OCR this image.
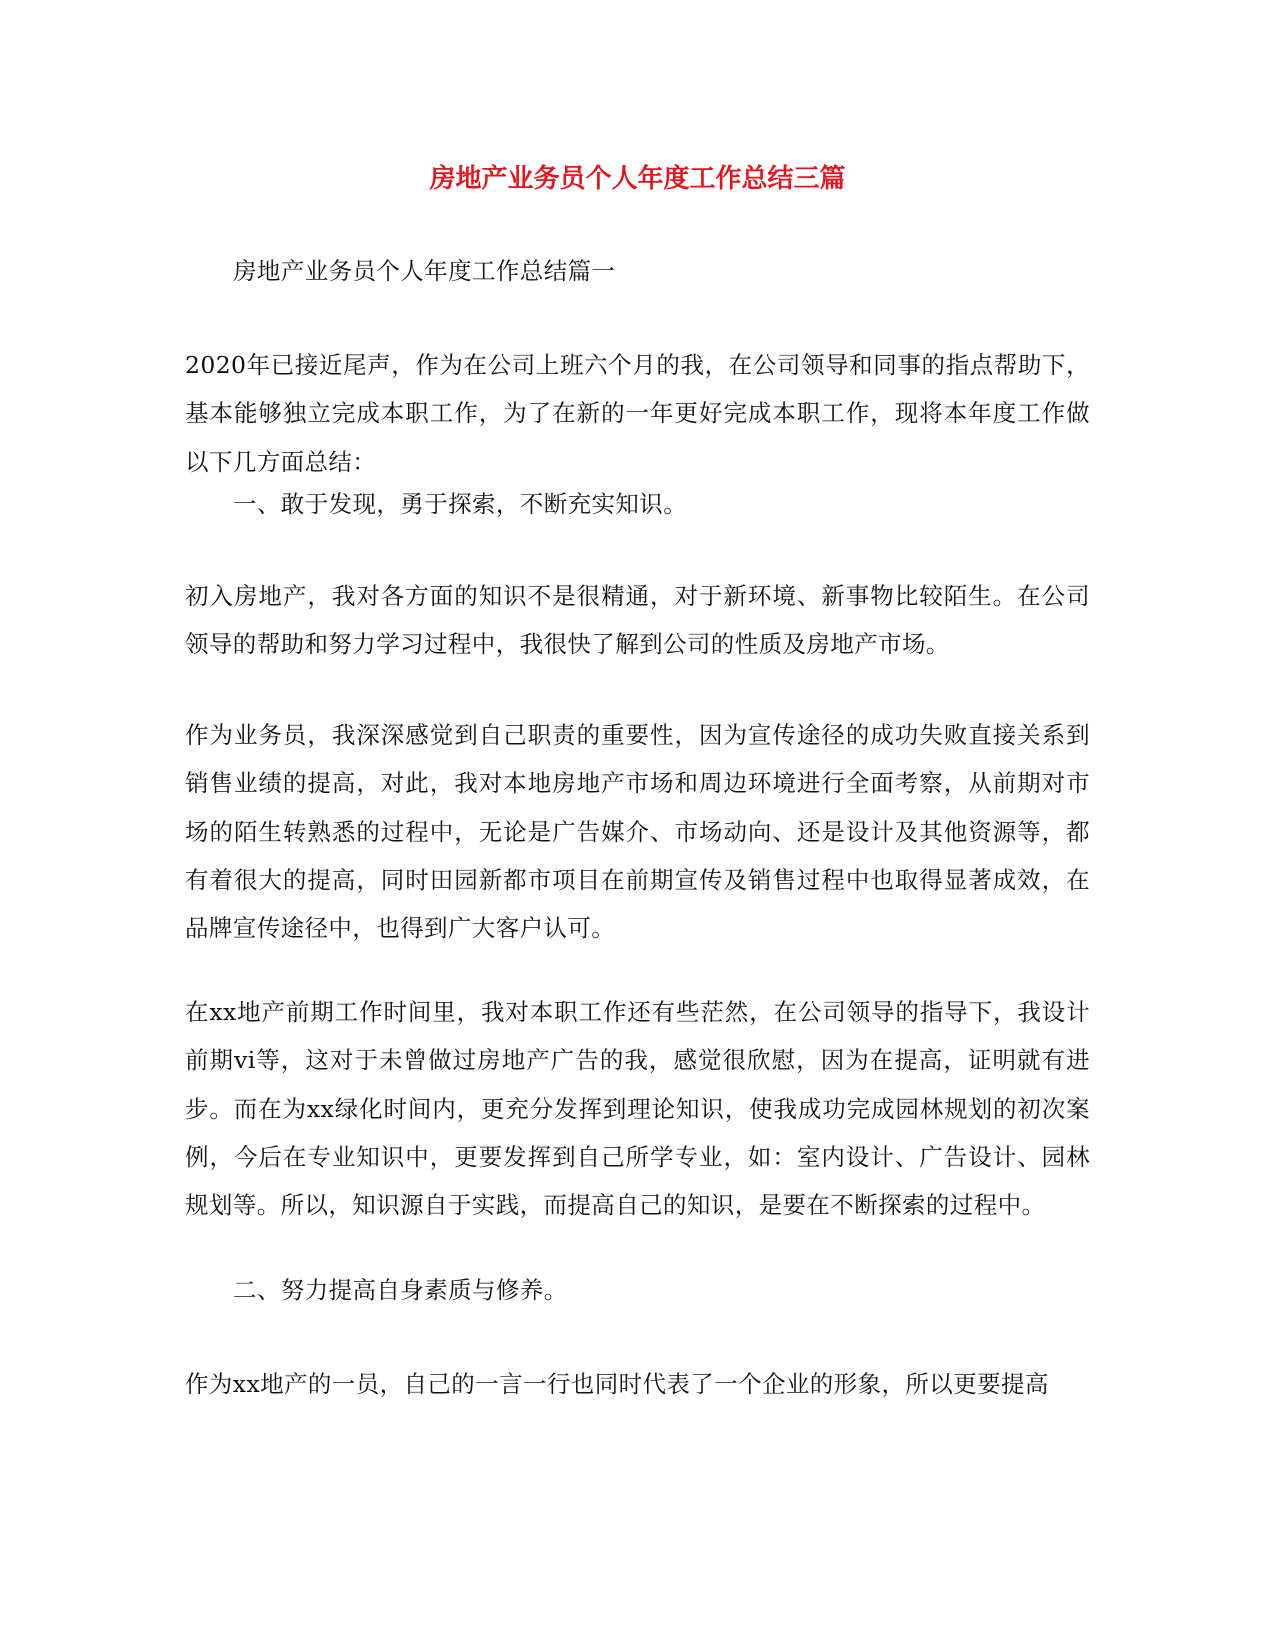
房地产业务员个人年度工作总结三篇
房地产业务员个人年度工作总结篇一
2020年已接近尾声，作为在公司上班六个月的我，在公司领导和同事的指点帮助下，基本能够独立完成本职工作，为了在新的一年更好完成本职工作，现将本年度工作做以下几方面总结：
一、敢于发现，勇于探索，不断充实知识。
初入房地产，我对各方面的知识不是很精通，对于新环境、新事物比较陌生。在公司领导的帮助和努力学习过程中，我很快了解到公司的性质及房地产市场。
作为业务员，我深深感觉到自己职责的重要性，因为宣传途径的成功失败直接关系到销售业绩的提高，对此，我对本地房地产市场和周边环境进行全面考察，从前期对市场的陌生转熟悉的过程中，无论是广告媒介、市场动向、还是设计及其他资源等，都有着很大的提高，同时田园新都市项目在前期宣传及销售过程中也取得显著成效，在品牌宣传途径中，也得到广大客户认可。
在xx地产前期工作时间里，我对本职工作还有些茫然，在公司领导的指导下，我设计前期vi等，这对于未曾做过房地产广告的我，感觉很欣慰，因为在提高，证明就有进步。而在为xx绿化时间内，更充分发挥到理论知识，使我成功完成园林规划的初次案例，今后在专业知识中，更要发挥到自己所学专业，如：室内设计、广告设计、园林规划等。所以，知识源自于实践，而提高自己的知识，是要在不断探索的过程中。
二、努力提高自身素质与修养。
作为xx地产的一员，自己的一言一行也同时代表了一个企业的形象，所以更要提高
